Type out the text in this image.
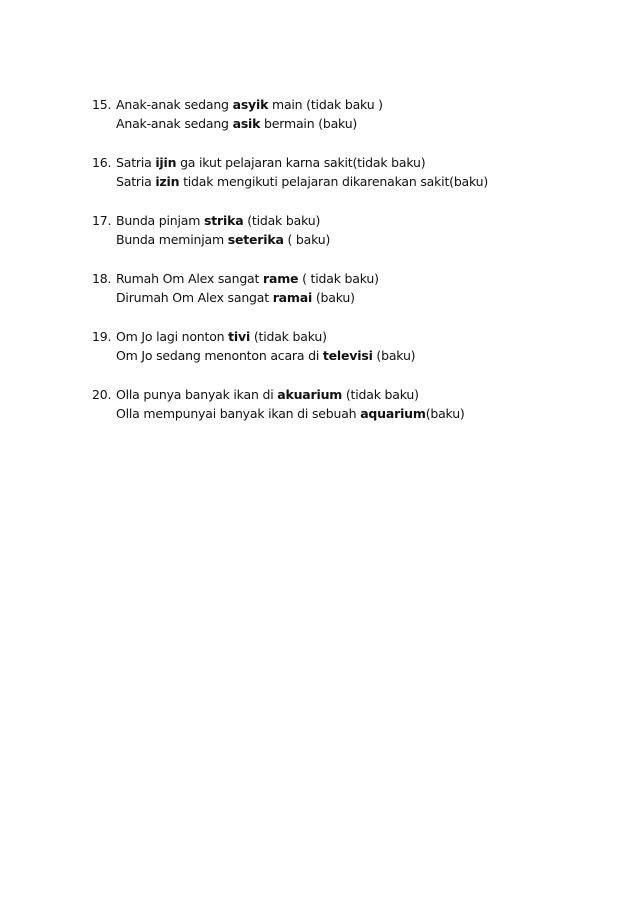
15. Anak-anak sedang asyik main (tidak baku )
Anak-anak sedang asik bermain (baku)
16. Satria ijin ga ikut pelajaran karna sakit(tidak baku)
Satria izin tidak mengikuti pelajaran dikarenakan sakit(baku)
17. Bunda pinjam strika (tidak baku)
Bunda meminjam seterika ( baku)
18. Rumah Om Alex sangat rame ( tidak baku)
Dirumah Om Alex sangat ramai (baku)
19. Om Jo lagi nonton tivi (tidak baku)
Om Jo sedang menonton acara di televisi (baku)
20. Olla punya banyak ikan di akuarium (tidak baku)
Olla mempunyai banyak ikan di sebuah aquarium(baku)
